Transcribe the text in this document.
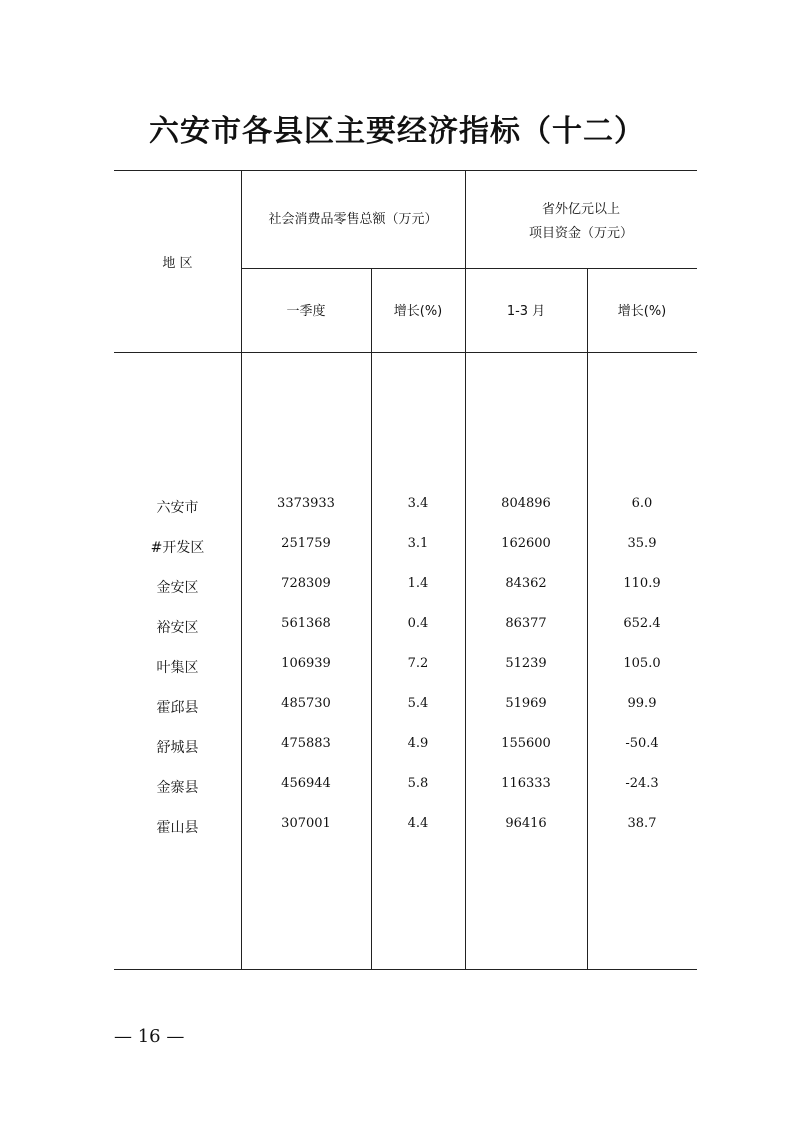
六安市各县区主要经济指标（十二）
地 区
社会消费品零售总额（万元）
省外亿元以上
项目资金（万元）
一季度	增长(%)	1-3 月	增长(%)
六安市	3373933	3.4	804896	6.0
#开发区	251759	3.1	162600	35.9
金安区	728309	1.4	84362	110.9
裕安区	561368	0.4	86377	652.4
叶集区	106939	7.2	51239	105.0
霍邱县	485730	5.4	51969	99.9
舒城县	475883	4.9	155600	-50.4
金寨县	456944	5.8	116333	-24.3
霍山县	307001	4.4	96416	38.7
— 16 —
